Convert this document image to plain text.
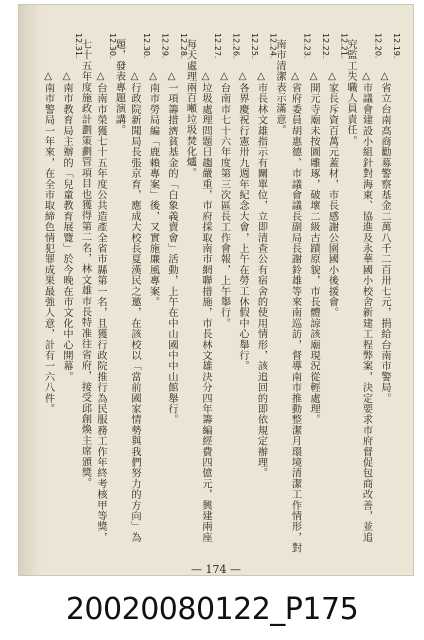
12.19.
△省立台南高商勸募警察基金二萬八千二百卅七元，捐給台南市警局。
12.20.
△市議會建設小組針對海東、協進及永華國小校舍新建工程弊案，決定要求市府督促包商改善，並追
究監工失職人員責任。
12.21.
△家長斥資百萬元蓋材，市長感謝公園國小後援會。
12.22.
△開元寺廟未按圖雕琢，破壞二級古蹟原貌，市長體諒該廟現況從輕處理。
12.23.
△省府委員胡惠德、市議會議長副局長謝鈴雄等來南巡訪，督導南市推動整潔月環境清潔工作情形，對
南市清潔表示滿意。
12.24.
△市長林文雄指示有關單位，立即清查公有宿舍的使用情形，該追回的即依規定辦理。
12.25.
△各界慶祝行憲卅九週年紀念大會，上午在勞工休假中心舉行。
12.26.
△台南市七十六年度第三次區長工作會報，上午舉行。
12.27.
△垃圾處理問題日趨嚴重，市府採取南市網聯措施，市長林文雄決分四年籌編經費四億元，興建兩座
每天處理兩百噸垃圾焚化爐。
12.28.
△一項籌措濟貧基金的「白象義賣會」活動，上午在中山國中中山館舉行。
12.29.
△南市勞局編「鹿賴專案」後，又實施廉風專案。
12.30.
△行政院新聞局長張京育，應成大校長夏漢民之邀，在該校以「當前國家情勢與我們努力的方向」為
題，發表專題演講。
12.30.
△台南市榮獲七十五年度公共造產全省市縣第一名，且獲行政院推行為民服務工作年終考核甲等獎，
七十五年度施政計劃策劃管項目也獲得第二名，林文雄市長特准往省府，接受邱創煥主席頒獎。
12.31.
△南市教育局主辦的「兒童教育展覽」於今晚在市文化中心開幕。
△南市警局一年來，在全市取締色情犯罪成果最強人意，計有一六八件。
— 174 —
20020080122_P175
